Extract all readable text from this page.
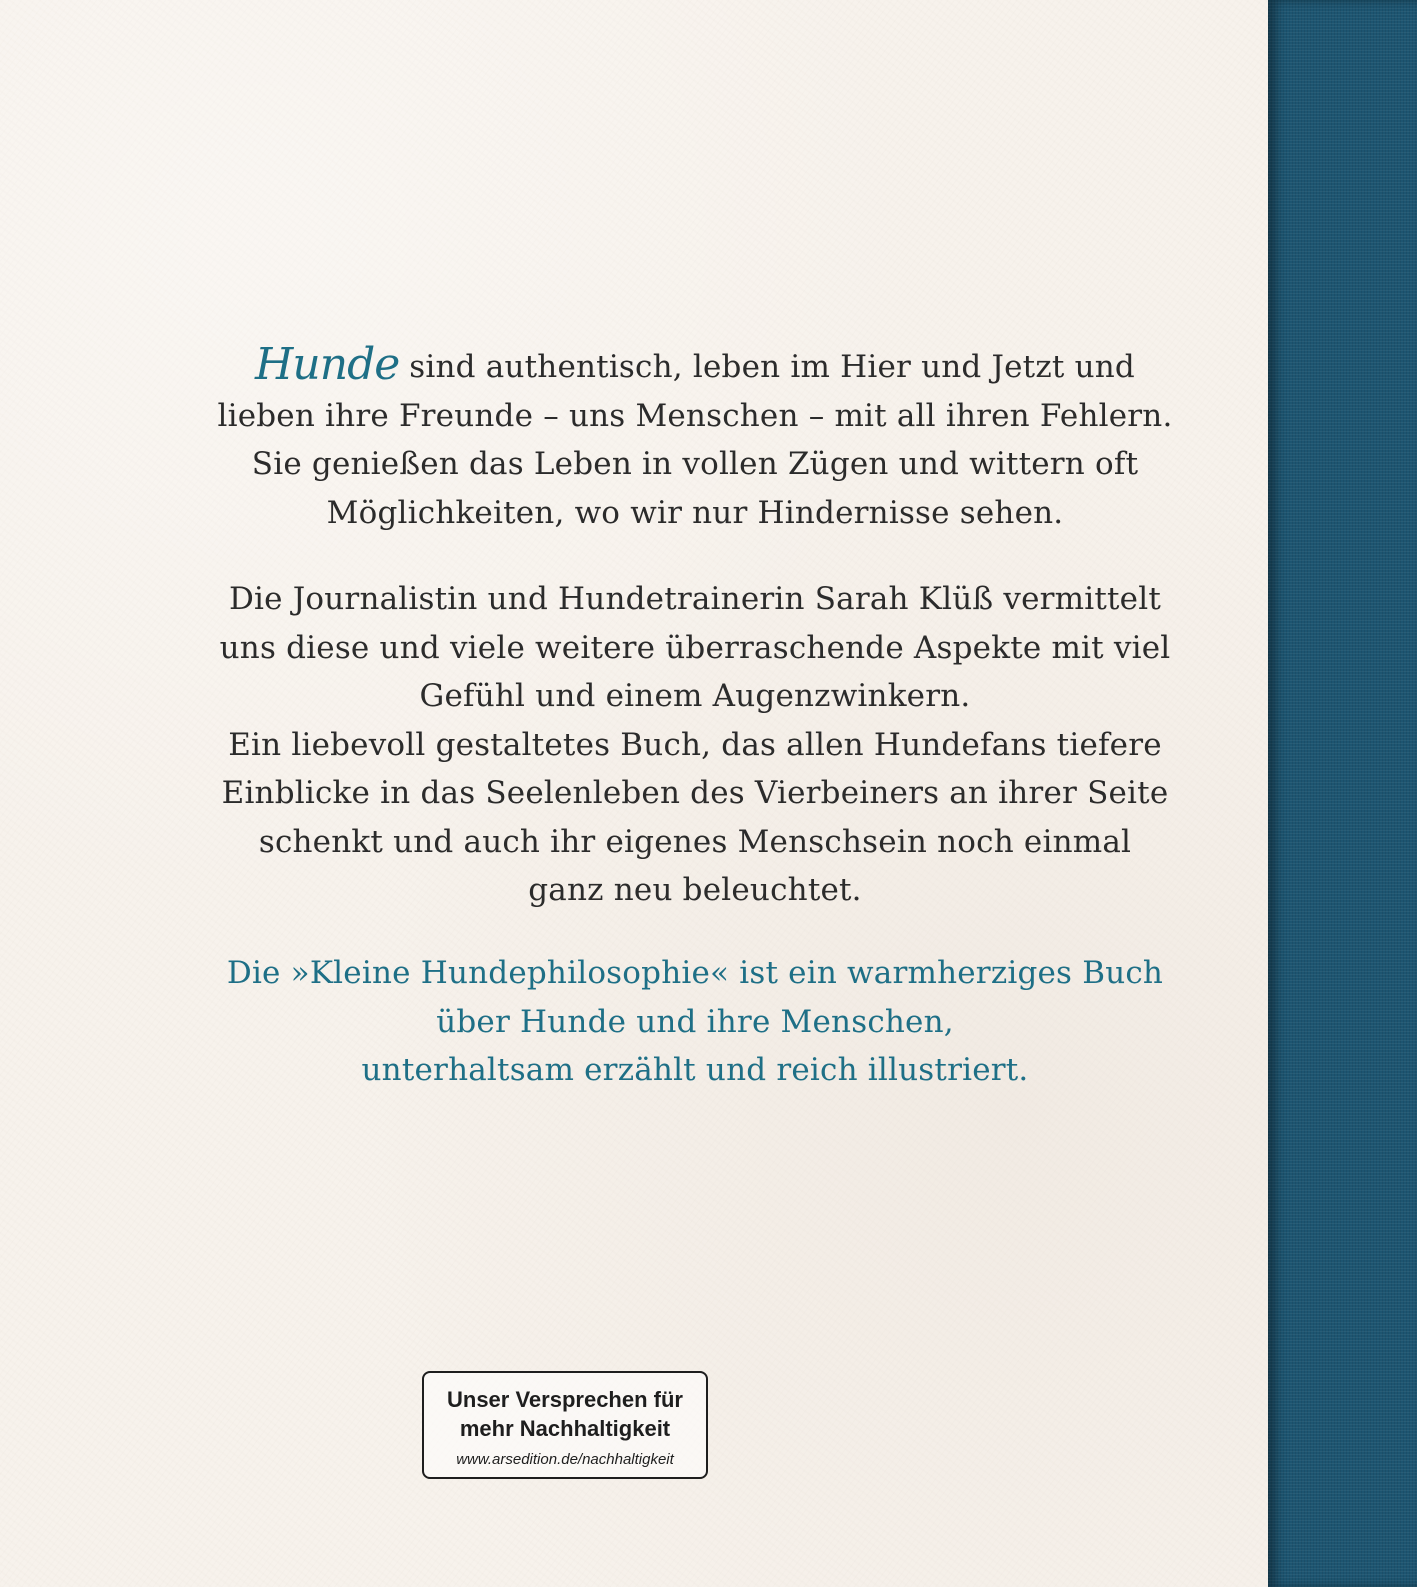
Hunde sind authentisch, leben im Hier und Jetzt und
lieben ihre Freunde – uns Menschen – mit all ihren Fehlern.
Sie genießen das Leben in vollen Zügen und wittern oft
Möglichkeiten, wo wir nur Hindernisse sehen.
Die Journalistin und Hundetrainerin Sarah Klüß vermittelt
uns diese und viele weitere überraschende Aspekte mit viel
Gefühl und einem Augenzwinkern.
Ein liebevoll gestaltetes Buch, das allen Hundefans tiefere
Einblicke in das Seelenleben des Vierbeiners an ihrer Seite
schenkt und auch ihr eigenes Menschsein noch einmal
ganz neu beleuchtet.
Die »Kleine Hundephilosophie« ist ein warmherziges Buch
über Hunde und ihre Menschen,
unterhaltsam erzählt und reich illustriert.
Unser Versprechen für
mehr Nachhaltigkeit
www.arsedition.de/nachhaltigkeit
